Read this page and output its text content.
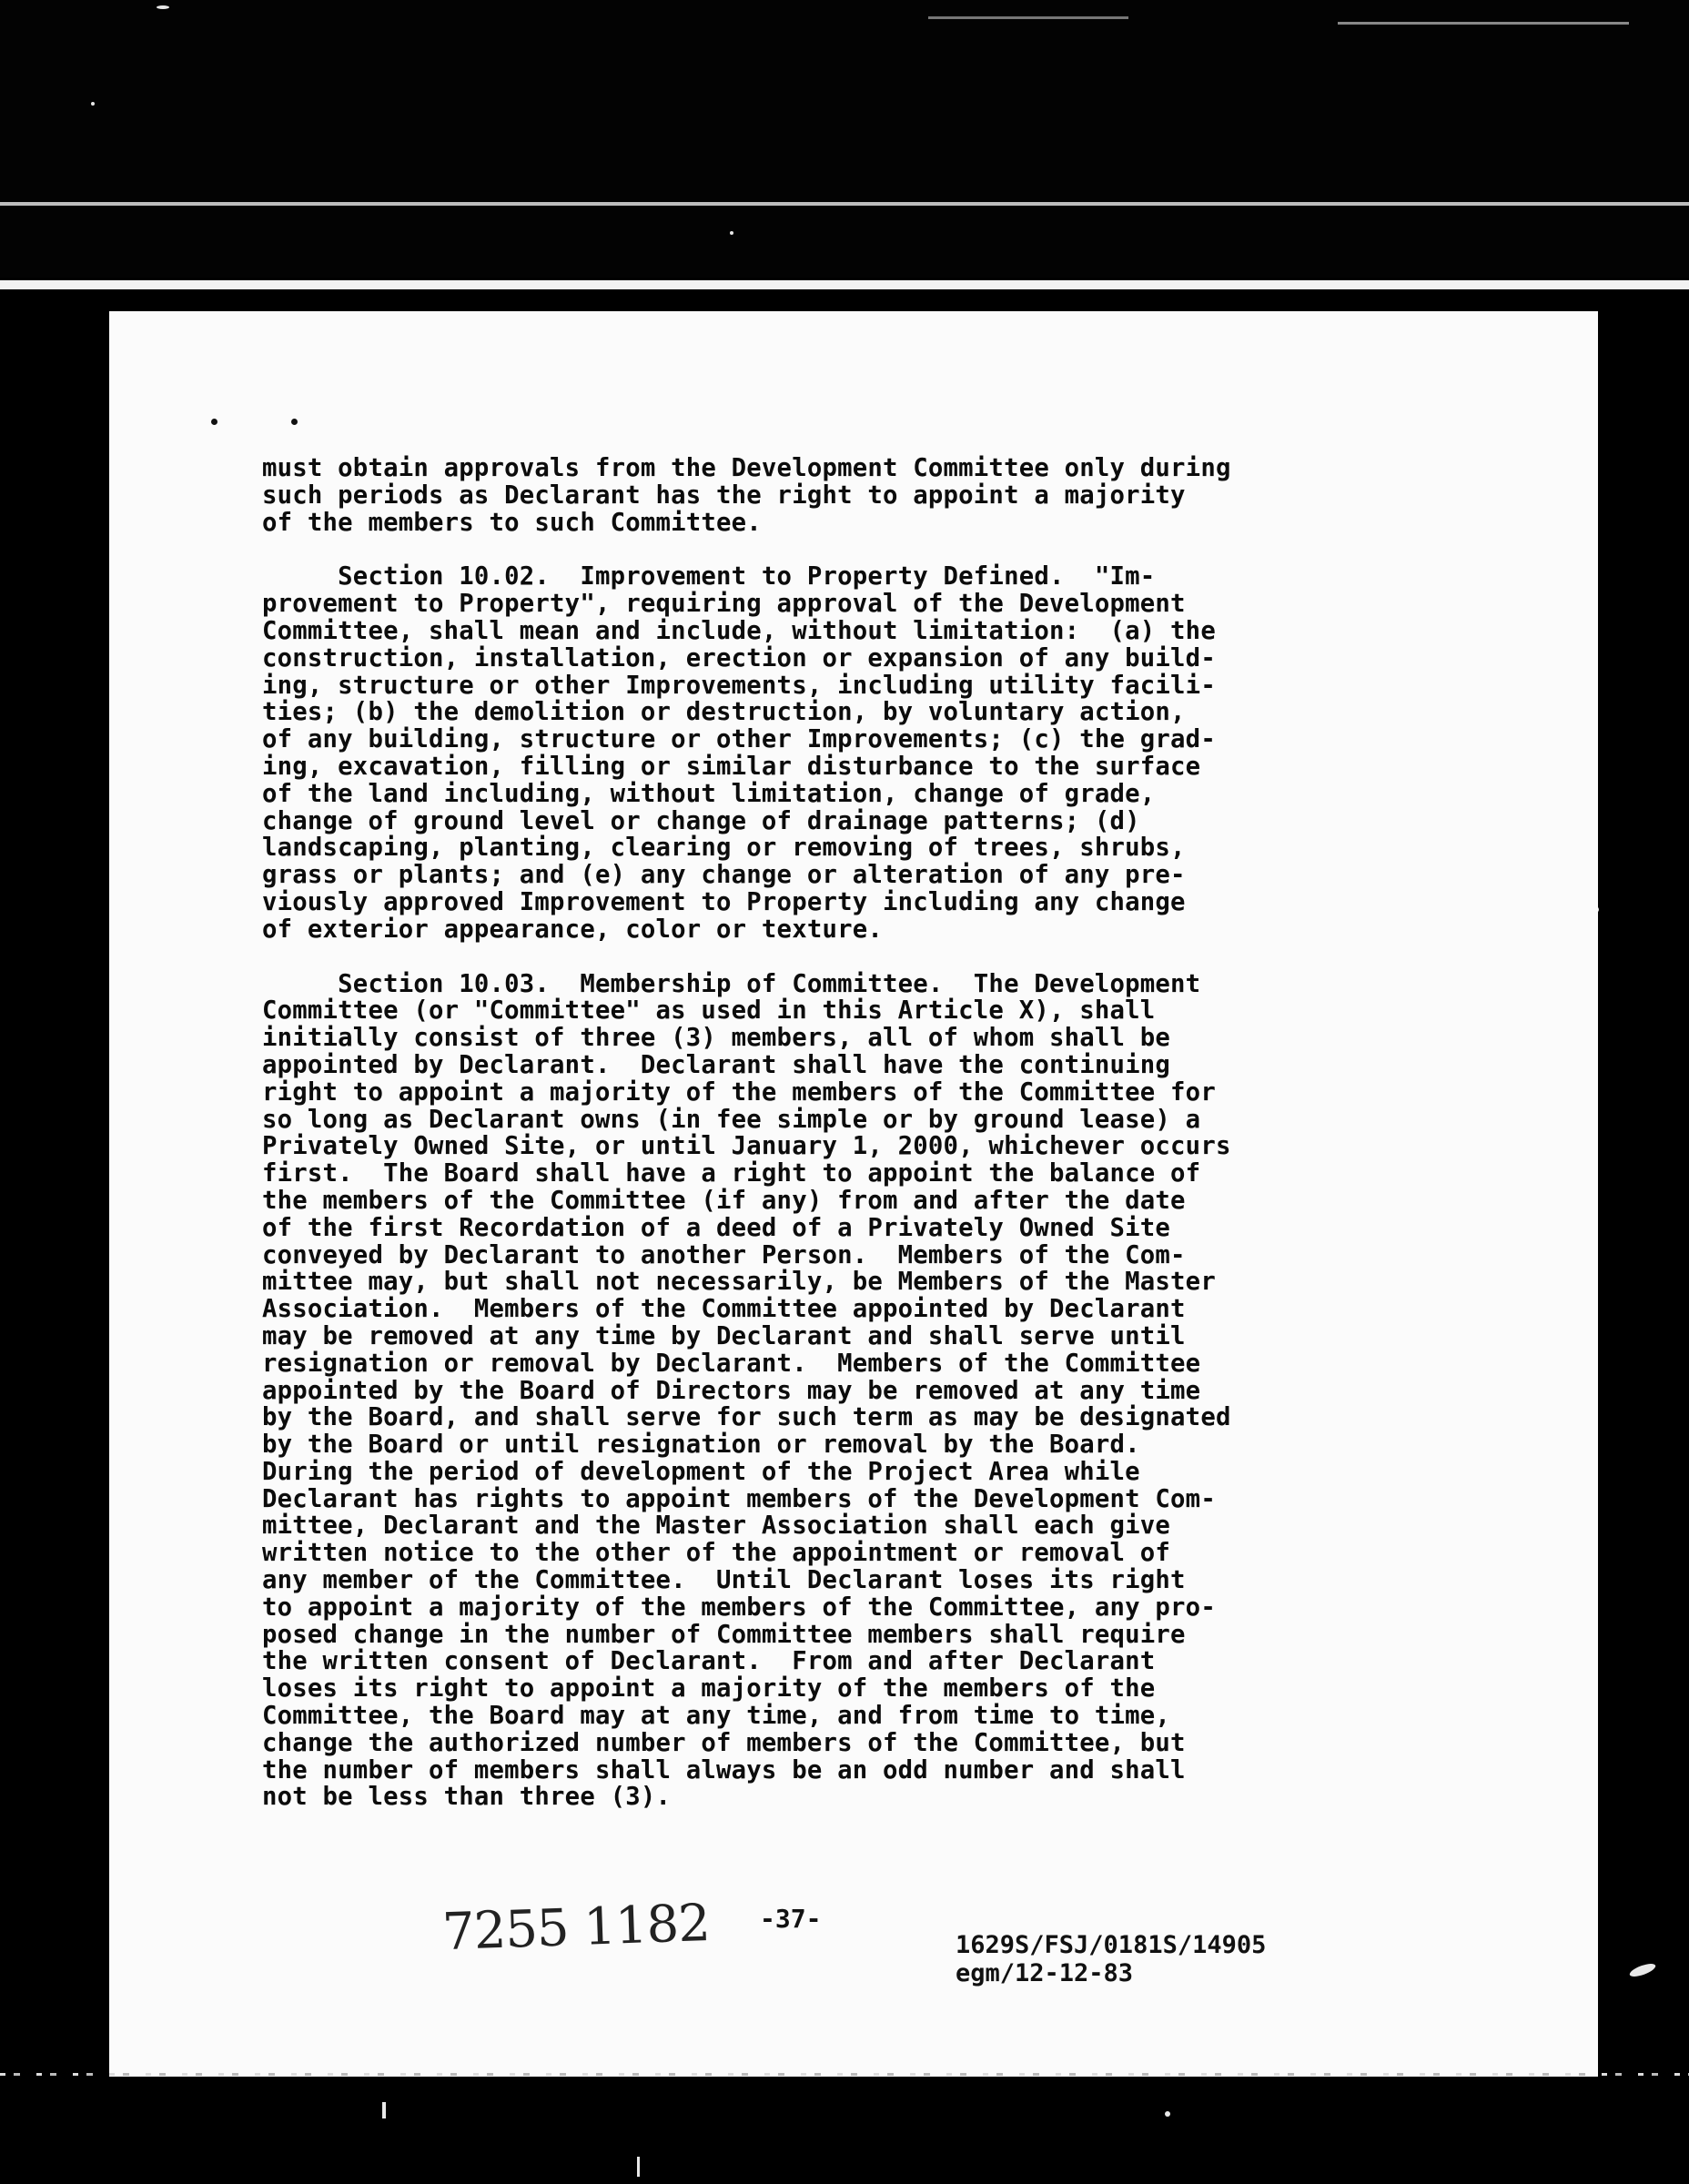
must obtain approvals from the Development Committee only during
such periods as Declarant has the right to appoint a majority
of the members to such Committee.
Section 10.02.  Improvement to Property Defined.  "Im-
provement to Property", requiring approval of the Development
Committee, shall mean and include, without limitation:  (a) the
construction, installation, erection or expansion of any build-
ing, structure or other Improvements, including utility facili-
ties; (b) the demolition or destruction, by voluntary action,
of any building, structure or other Improvements; (c) the grad-
ing, excavation, filling or similar disturbance to the surface
of the land including, without limitation, change of grade,
change of ground level or change of drainage patterns; (d)
landscaping, planting, clearing or removing of trees, shrubs,
grass or plants; and (e) any change or alteration of any pre-
viously approved Improvement to Property including any change
of exterior appearance, color or texture.
Section 10.03.  Membership of Committee.  The Development
Committee (or "Committee" as used in this Article X), shall
initially consist of three (3) members, all of whom shall be
appointed by Declarant.  Declarant shall have the continuing
right to appoint a majority of the members of the Committee for
so long as Declarant owns (in fee simple or by ground lease) a
Privately Owned Site, or until January 1, 2000, whichever occurs
first.  The Board shall have a right to appoint the balance of
the members of the Committee (if any) from and after the date
of the first Recordation of a deed of a Privately Owned Site
conveyed by Declarant to another Person.  Members of the Com-
mittee may, but shall not necessarily, be Members of the Master
Association.  Members of the Committee appointed by Declarant
may be removed at any time by Declarant and shall serve until
resignation or removal by Declarant.  Members of the Committee
appointed by the Board of Directors may be removed at any time
by the Board, and shall serve for such term as may be designated
by the Board or until resignation or removal by the Board.
During the period of development of the Project Area while
Declarant has rights to appoint members of the Development Com-
mittee, Declarant and the Master Association shall each give
written notice to the other of the appointment or removal of
any member of the Committee.  Until Declarant loses its right
to appoint a majority of the members of the Committee, any pro-
posed change in the number of Committee members shall require
the written consent of Declarant.  From and after Declarant
loses its right to appoint a majority of the members of the
Committee, the Board may at any time, and from time to time,
change the authorized number of members of the Committee, but
the number of members shall always be an odd number and shall
not be less than three (3).
7255 1182 -37-
1629S/FSJ/0181S/14905
egm/12-12-83
